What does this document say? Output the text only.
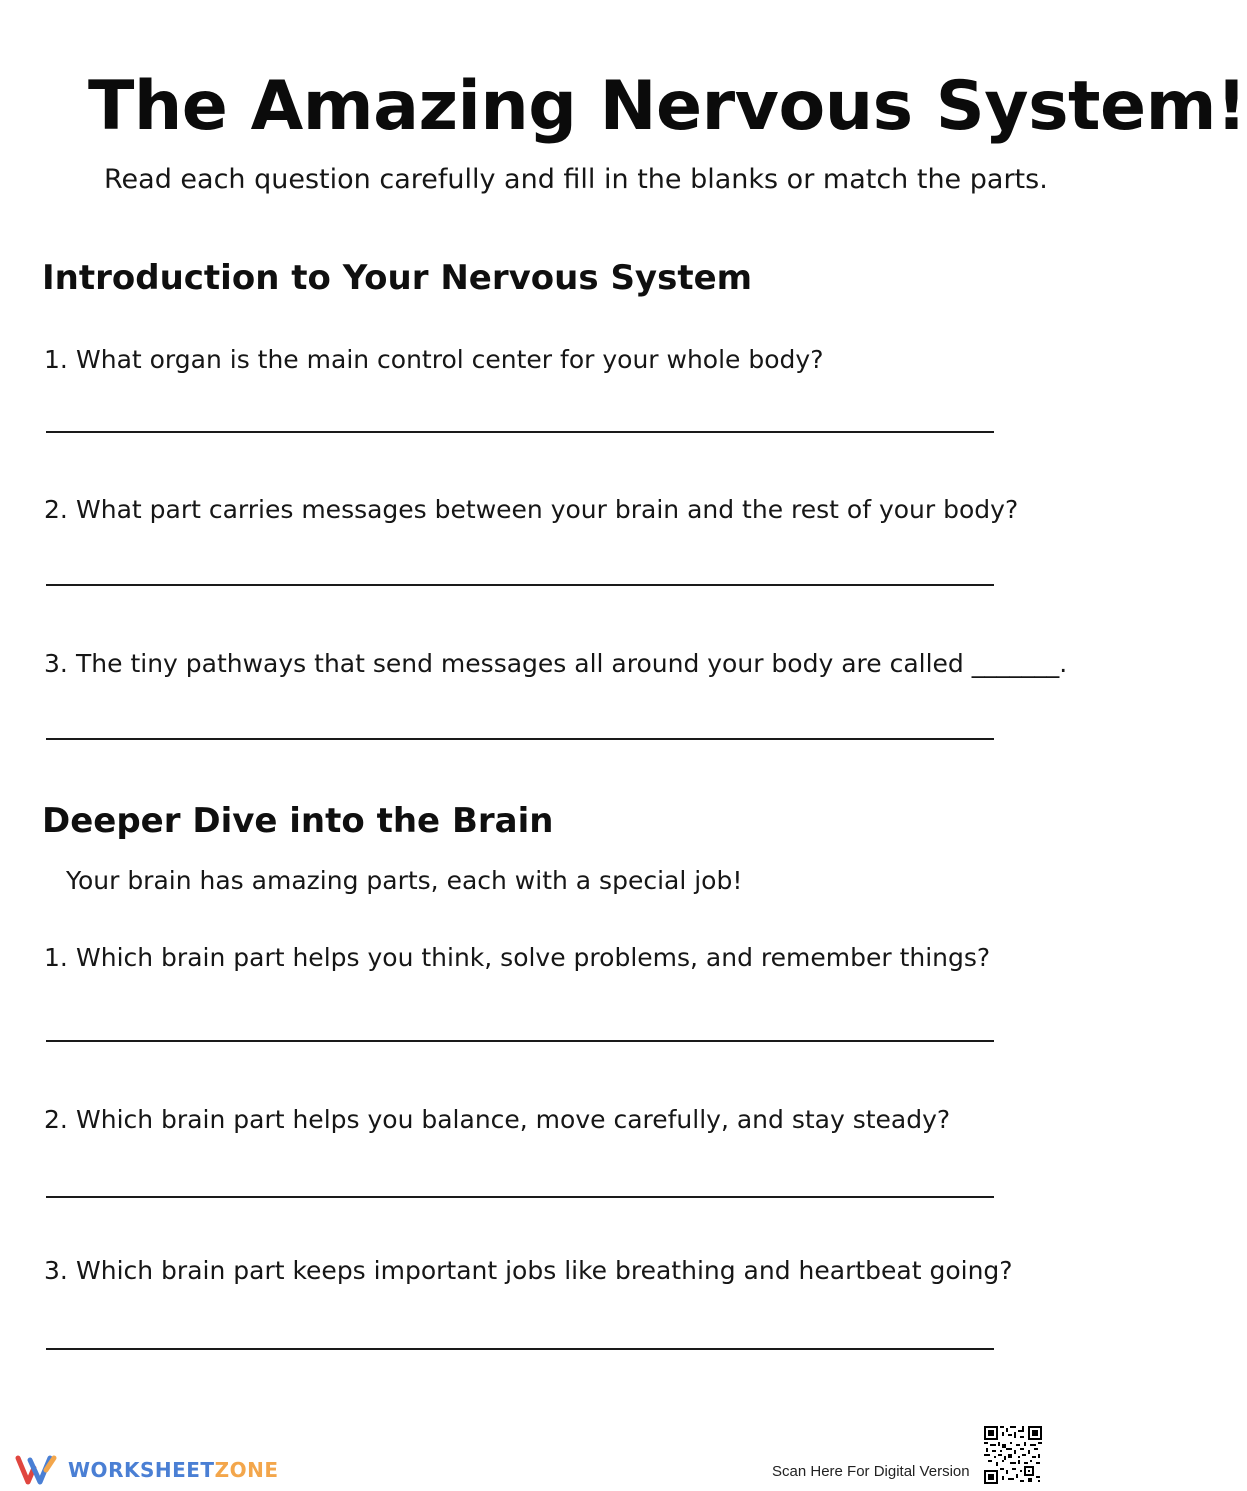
The Amazing Nervous System!
Read each question carefully and fill in the blanks or match the parts.
Introduction to Your Nervous System
1. What organ is the main control center for your whole body?
2. What part carries messages between your brain and the rest of your body?
3. The tiny pathways that send messages all around your body are called _______.
Deeper Dive into the Brain
Your brain has amazing parts, each with a special job!
1. Which brain part helps you think, solve problems, and remember things?
2. Which brain part helps you balance, move carefully, and stay steady?
3. Which brain part keeps important jobs like breathing and heartbeat going?
WORKSHEETZONE	Scan Here For Digital Version
